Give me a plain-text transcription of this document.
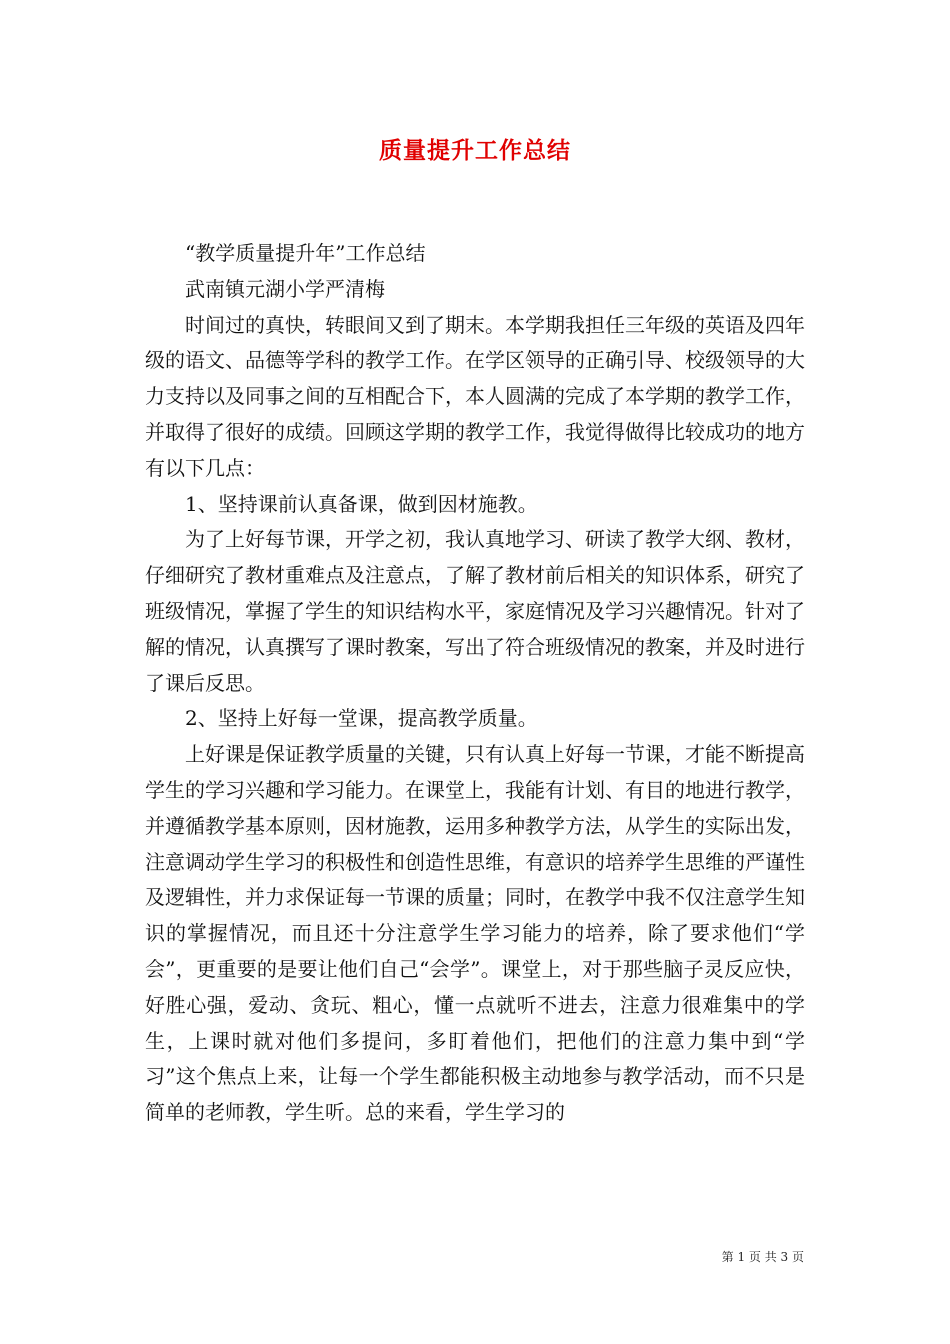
质量提升工作总结

“教学质量提升年”工作总结

武南镇元湖小学严清梅

时间过的真快，转眼间又到了期末。本学期我担任三年级的英语及四年级的语文、品德等学科的教学工作。在学区领导的正确引导、校级领导的大力支持以及同事之间的互相配合下，本人圆满的完成了本学期的教学工作，并取得了很好的成绩。回顾这学期的教学工作，我觉得做得比较成功的地方有以下几点：

1、坚持课前认真备课，做到因材施教。

为了上好每节课，开学之初，我认真地学习、研读了教学大纲、教材，仔细研究了教材重难点及注意点，了解了教材前后相关的知识体系，研究了班级情况，掌握了学生的知识结构水平，家庭情况及学习兴趣情况。针对了解的情况，认真撰写了课时教案，写出了符合班级情况的教案，并及时进行了课后反思。

2、坚持上好每一堂课，提高教学质量。

上好课是保证教学质量的关键，只有认真上好每一节课，才能不断提高学生的学习兴趣和学习能力。在课堂上，我能有计划、有目的地进行教学，并遵循教学基本原则，因材施教，运用多种教学方法，从学生的实际出发，注意调动学生学习的积极性和创造性思维，有意识的培养学生思维的严谨性及逻辑性，并力求保证每一节课的质量；同时，在教学中我不仅注意学生知识的掌握情况，而且还十分注意学生学习能力的培养，除了要求他们“学会”，更重要的是要让他们自己“会学”。课堂上，对于那些脑子灵反应快，好胜心强，爱动、贪玩、粗心，懂一点就听不进去，注意力很难集中的学生，上课时就对他们多提问，多盯着他们，把他们的注意力集中到“学习”这个焦点上来，让每一个学生都能积极主动地参与教学活动，而不只是简单的老师教，学生听。总的来看，学生学习的

第 1 页 共 3 页
